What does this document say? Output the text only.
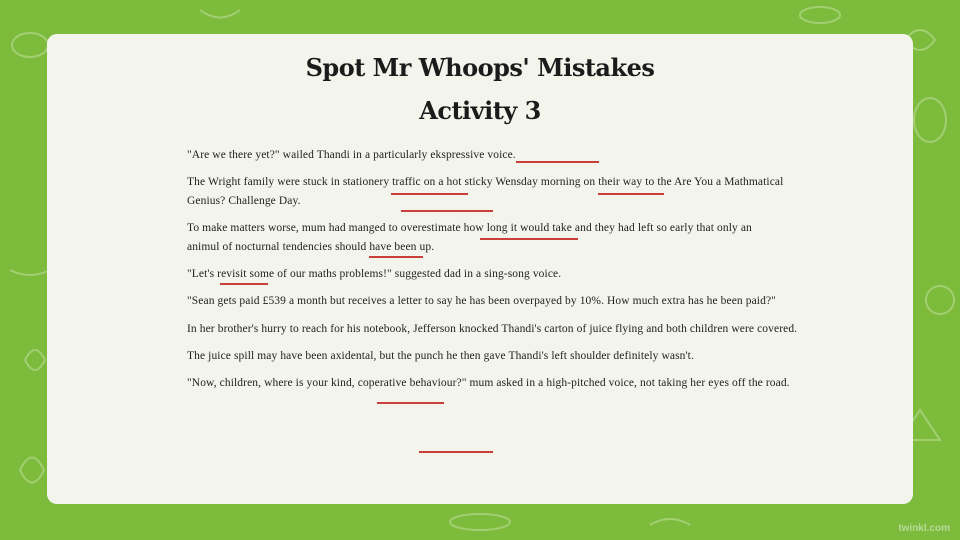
Spot Mr Whoops' Mistakes
Activity 3
"Are we there yet?" wailed Thandi in a particularly ekspressive voice.
The Wright family were stuck in stationery traffic on a hot sticky Wensday morning on their way to the Are You a Mathmatical
Genius? Challenge Day.
To make matters worse, mum had manged to overestimate how long it would take and they had left so early that only an
animul of nocturnal tendencies should have been up.
"Let's revisit some of our maths problems!" suggested dad in a sing-song voice.
"Sean gets paid £539 a month but receives a letter to say he has been overpayed by 10%. How much extra has he been paid?"
In her brother's hurry to reach for his notebook, Jefferson knocked Thandi's carton of juice flying and both children were covered.
The juice spill may have been axidental, but the punch he then gave Thandi's left shoulder definitely wasn't.
"Now, children, where is your kind, coperative behaviour?" mum asked in a high-pitched voice, not taking her eyes off the road.
twinkl.com
